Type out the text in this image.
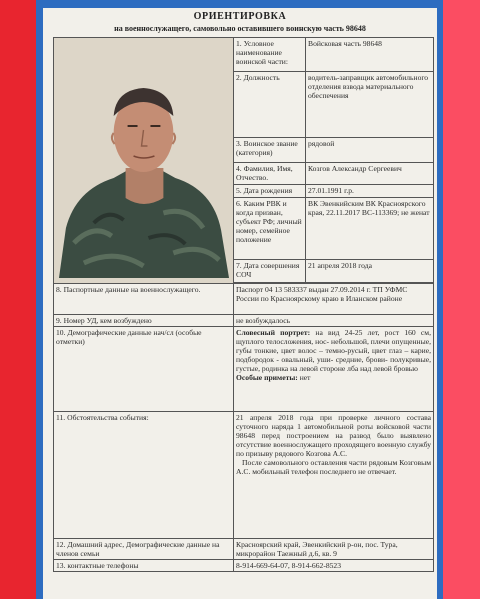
ОРИЕНТИРОВКА
на военнослужащего, самовольно оставившего воинскую часть 98648
	1. Условное наименование воинской части:	Войсковая часть 98648
	2. Должность	водитель-заправщик автомобильного отделения взвода материального обеспечения
	3. Воинское звание (категория)	рядовой
	4. Фамилия, Имя, Отчество.	Козгов Александр Сергеевич
	5. Дата рождения	27.01.1991 г.р.
	6. Каким РВК и когда призван, субъект РФ; личный номер, семейное положение	ВК Эвенкийским ВК Красноярского края, 22.11.2017 ВС-113369; не женат
	7. Дата совершения СОЧ	21 апреля 2018 года

8. Паспортные данные на военнослужащего.	Паспорт 04 13 583337 выдан 27.09.2014 г. ТП УФМС России по Красноярскому краю в Иланском районе	
9. Номер УД, кем возбуждено	не возбуждалось	
10. Демографические данные нач/сл (особые отметки)	Словесный портрет: на вид 24-25 лет, рост 160 см, щуплого телосложения, нос- небольшой, плечи опущенные, губы тонкие, цвет волос – темно-русый, цвет глаз – карие, подбородок - овальный, уши- средние, брови- полукривые, густые, родинка на левой стороне лба над левой бровью
Особые приметы: нет	
11. Обстоятельства события:	21 апреля 2018 года при проверке личного состава суточного наряда 1 автомобильной роты войсковой части 98648 перед построением на развод было выявлено отсутствие военнослужащего проходящего военную службу по призыву рядового Козгова А.С.
После самовольного оставления части рядовым Козговым А.С. мобильный телефон последнего не отвечает.	

12. Домашний адрес, Демографические данные на членов семьи	Красноярский край, Эвенкийский р-он, пос. Тура, микрорайон Таежный д.6, кв. 9	
13. контактные телефоны	8-914-669-64-07, 8-914-662-8523	
